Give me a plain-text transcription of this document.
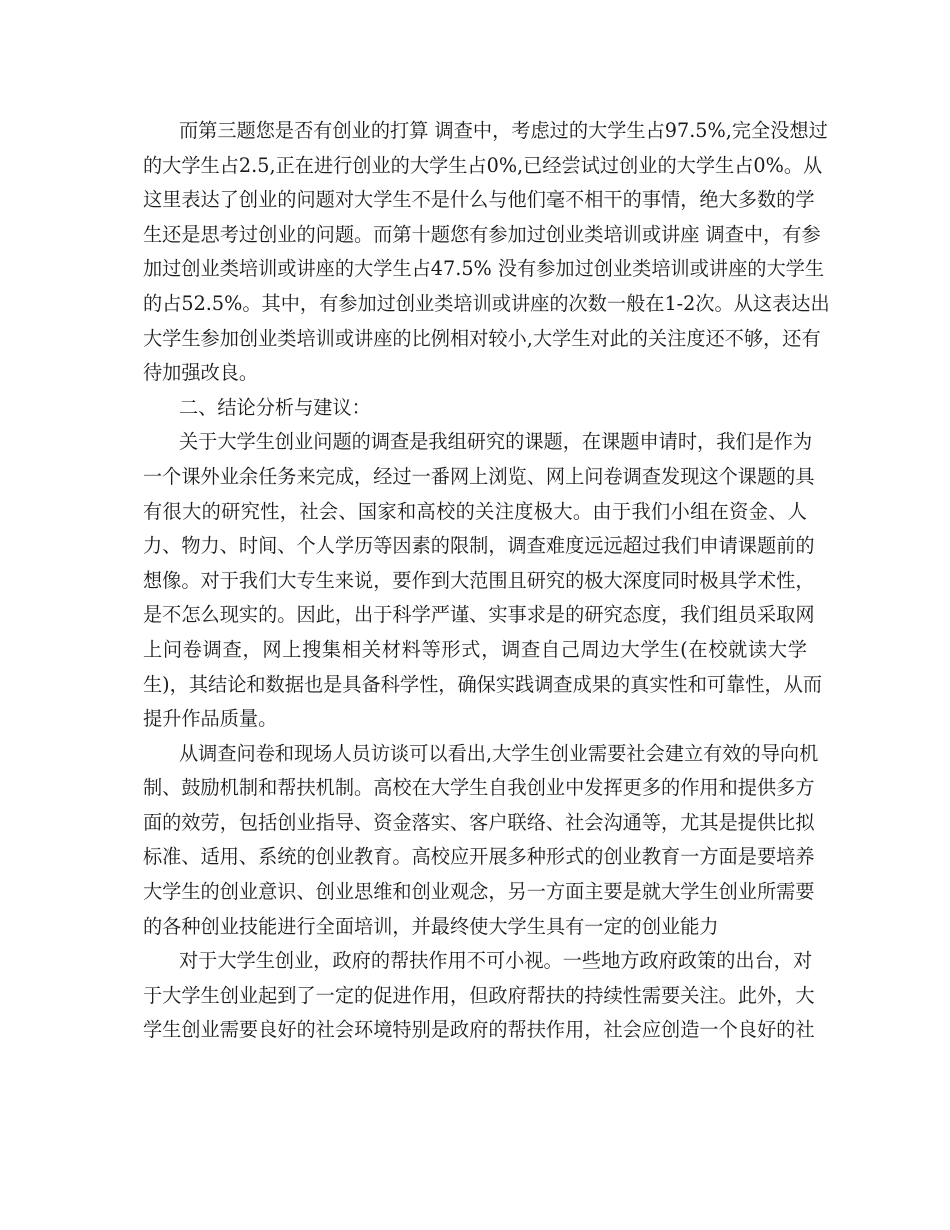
而第三题您是否有创业的打算 调查中，考虑过的大学生占97.5%,完全没想过
的大学生占2.5,正在进行创业的大学生占0%,已经尝试过创业的大学生占0%。从
这里表达了创业的问题对大学生不是什么与他们毫不相干的事情，绝大多数的学
生还是思考过创业的问题。而第十题您有参加过创业类培训或讲座 调查中，有参
加过创业类培训或讲座的大学生占47.5% 没有参加过创业类培训或讲座的大学生
的占52.5%。其中，有参加过创业类培训或讲座的次数一般在1-2次。从这表达出
大学生参加创业类培训或讲座的比例相对较小,大学生对此的关注度还不够，还有
待加强改良。
二、结论分析与建议：
关于大学生创业问题的调查是我组研究的课题，在课题申请时，我们是作为
一个课外业余任务来完成，经过一番网上浏览、网上问卷调查发现这个课题的具
有很大的研究性，社会、国家和高校的关注度极大。由于我们小组在资金、人
力、物力、时间、个人学历等因素的限制，调查难度远远超过我们申请课题前的
想像。对于我们大专生来说，要作到大范围且研究的极大深度同时极具学术性，
是不怎么现实的。因此，出于科学严谨、实事求是的研究态度，我们组员采取网
上问卷调查，网上搜集相关材料等形式，调查自己周边大学生(在校就读大学
生)，其结论和数据也是具备科学性，确保实践调查成果的真实性和可靠性，从而
提升作品质量。
从调查问卷和现场人员访谈可以看出,大学生创业需要社会建立有效的导向机
制、鼓励机制和帮扶机制。高校在大学生自我创业中发挥更多的作用和提供多方
面的效劳，包括创业指导、资金落实、客户联络、社会沟通等，尤其是提供比拟
标准、适用、系统的创业教育。高校应开展多种形式的创业教育一方面是要培养
大学生的创业意识、创业思维和创业观念，另一方面主要是就大学生创业所需要
的各种创业技能进行全面培训，并最终使大学生具有一定的创业能力
对于大学生创业，政府的帮扶作用不可小视。一些地方政府政策的出台，对
于大学生创业起到了一定的促进作用，但政府帮扶的持续性需要关注。此外，大
学生创业需要良好的社会环境特别是政府的帮扶作用，社会应创造一个良好的社
